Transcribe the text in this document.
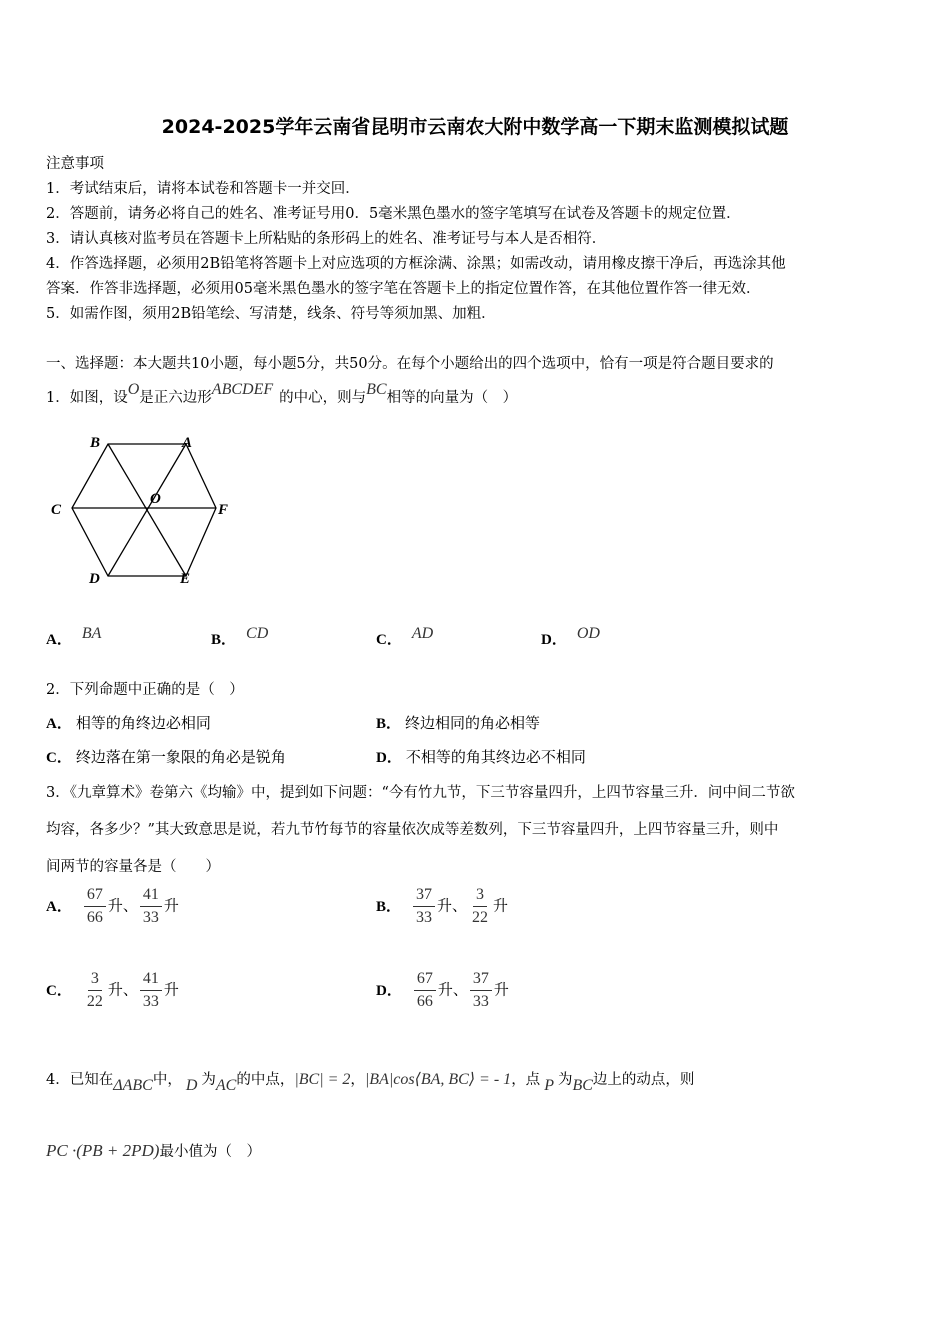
2024-2025学年云南省昆明市云南农大附中数学高一下期末监测模拟试题
注意事项
1．考试结束后，请将本试卷和答题卡一并交回．
2．答题前，请务必将自己的姓名、准考证号用0．5毫米黑色墨水的签字笔填写在试卷及答题卡的规定位置．
3．请认真核对监考员在答题卡上所粘贴的条形码上的姓名、准考证号与本人是否相符．
4．作答选择题，必须用2B铅笔将答题卡上对应选项的方框涂满、涂黑；如需改动，请用橡皮擦干净后，再选涂其他
答案．作答非选择题，必须用05毫米黑色墨水的签字笔在答题卡上的指定位置作答，在其他位置作答一律无效．
5．如需作图，须用2B铅笔绘、写清楚，线条、符号等须加黑、加粗．
一、选择题：本大题共10小题，每小题5分，共50分。在每个小题给出的四个选项中，恰有一项是符合题目要求的
1．如图，设O是正六边形ABCDEF 的中心，则与BC相等的向量为（　）
B	A
C
O
F
D	E
A． BA	B． CD	C． AD	D． OD
2．下列命题中正确的是（　）
A． 相等的角终边必相同	B． 终边相同的角必相等
C． 终边落在第一象限的角必是锐角	D． 不相等的角其终边必不相同
3．《九章算术》卷第六《均输》中，提到如下问题：“今有竹九节，下三节容量四升，上四节容量三升．问中间二节欲
均容，各多少？”其大致意思是说，若九节竹每节的容量依次成等差数列，下三节容量四升，上四节容量三升，则中
间两节的容量各是（　　）
A． $\frac{67}{66}$ 升、 $\frac{41}{33}$ 升	B． $\frac{37}{33}$ 升、 $\frac{3}{22}$ 升
C． $\frac{3}{22}$ 升、 $\frac{41}{33}$ 升	D． $\frac{67}{66}$ 升、 $\frac{37}{33}$ 升
4．已知在ΔABC中， D 为AC的中点，|BC| = 2，|BA|cos⟨BA, BC⟩ = - 1，点 P 为BC边上的动点，则
PC ·(PB + 2PD)最小值为（　）
